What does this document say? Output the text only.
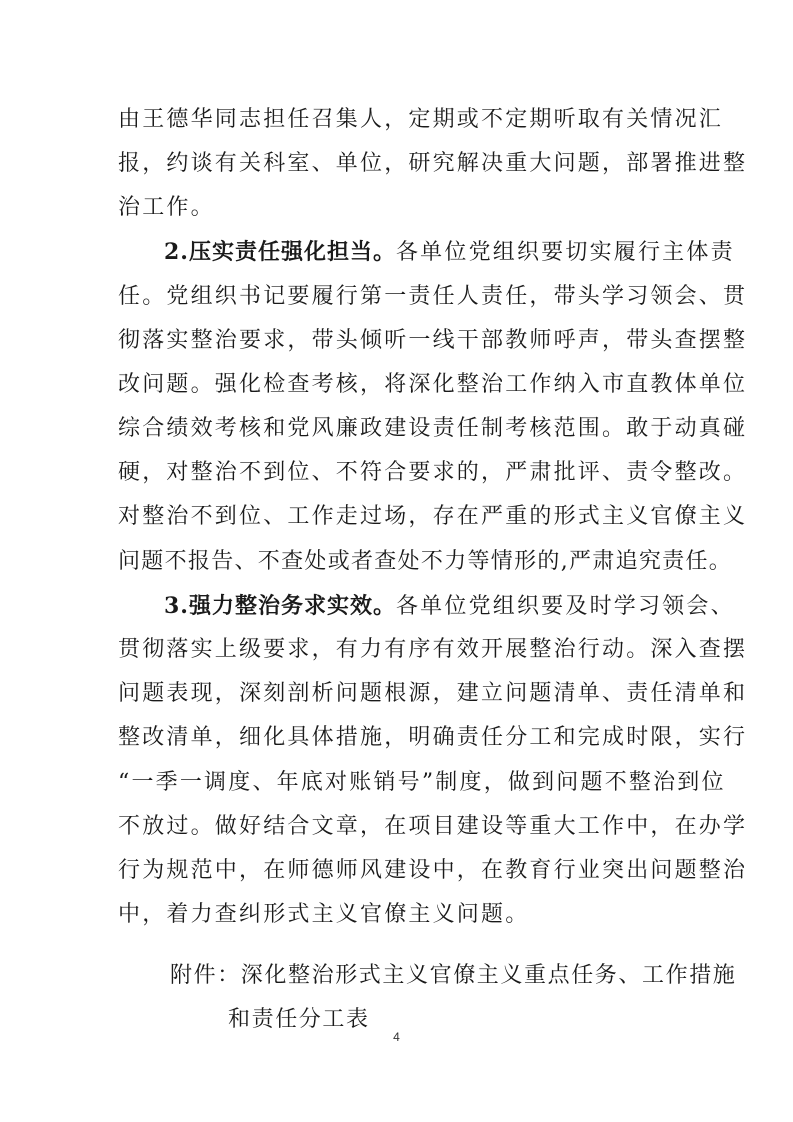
由王德华同志担任召集人，定期或不定期听取有关情况汇
报，约谈有关科室、单位，研究解决重大问题，部署推进整
治工作。
2.压实责任强化担当。各单位党组织要切实履行主体责
任。党组织书记要履行第一责任人责任，带头学习领会、贯
彻落实整治要求，带头倾听一线干部教师呼声，带头查摆整
改问题。强化检查考核，将深化整治工作纳入市直教体单位
综合绩效考核和党风廉政建设责任制考核范围。敢于动真碰
硬，对整治不到位、不符合要求的，严肃批评、责令整改。
对整治不到位、工作走过场，存在严重的形式主义官僚主义
问题不报告、不查处或者查处不力等情形的,严肃追究责任。
3.强力整治务求实效。各单位党组织要及时学习领会、
贯彻落实上级要求，有力有序有效开展整治行动。深入查摆
问题表现，深刻剖析问题根源，建立问题清单、责任清单和
整改清单，细化具体措施，明确责任分工和完成时限，实行
“一季一调度、年底对账销号”制度，做到问题不整治到位
不放过。做好结合文章，在项目建设等重大工作中，在办学
行为规范中，在师德师风建设中，在教育行业突出问题整治
中，着力查纠形式主义官僚主义问题。
附件：深化整治形式主义官僚主义重点任务、工作措施
和责任分工表
4
